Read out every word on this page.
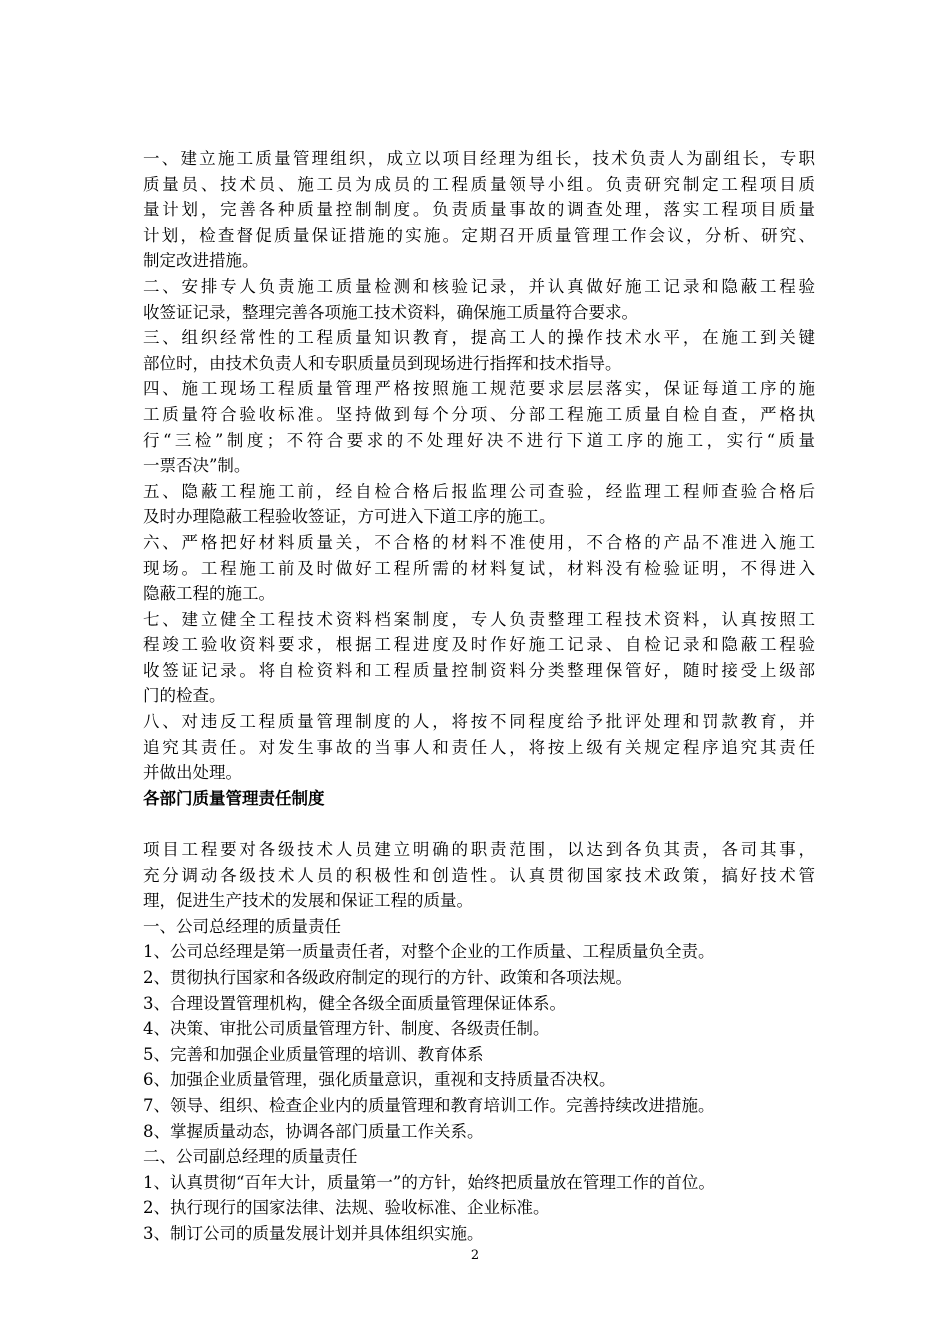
一、建立施工质量管理组织，成立以项目经理为组长，技术负责人为副组长，专职
质量员、技术员、施工员为成员的工程质量领导小组。负责研究制定工程项目质
量计划，完善各种质量控制制度。负责质量事故的调查处理，落实工程项目质量
计划，检查督促质量保证措施的实施。定期召开质量管理工作会议，分析、研究、
制定改进措施。
二、安排专人负责施工质量检测和核验记录，并认真做好施工记录和隐蔽工程验
收签证记录，整理完善各项施工技术资料，确保施工质量符合要求。
三、组织经常性的工程质量知识教育，提高工人的操作技术水平，在施工到关键
部位时，由技术负责人和专职质量员到现场进行指挥和技术指导。
四、施工现场工程质量管理严格按照施工规范要求层层落实，保证每道工序的施
工质量符合验收标准。坚持做到每个分项、分部工程施工质量自检自查，严格执
行“三检”制度；不符合要求的不处理好决不进行下道工序的施工，实行“质量
一票否决”制。
五、隐蔽工程施工前，经自检合格后报监理公司查验，经监理工程师查验合格后
及时办理隐蔽工程验收签证，方可进入下道工序的施工。
六、严格把好材料质量关，不合格的材料不准使用，不合格的产品不准进入施工
现场。工程施工前及时做好工程所需的材料复试，材料没有检验证明，不得进入
隐蔽工程的施工。
七、建立健全工程技术资料档案制度，专人负责整理工程技术资料，认真按照工
程竣工验收资料要求，根据工程进度及时作好施工记录、自检记录和隐蔽工程验
收签证记录。将自检资料和工程质量控制资料分类整理保管好，随时接受上级部
门的检查。
八、对违反工程质量管理制度的人，将按不同程度给予批评处理和罚款教育，并
追究其责任。对发生事故的当事人和责任人，将按上级有关规定程序追究其责任
并做出处理。
各部门质量管理责任制度
项目工程要对各级技术人员建立明确的职责范围，以达到各负其责，各司其事，
充分调动各级技术人员的积极性和创造性。认真贯彻国家技术政策，搞好技术管
理，促进生产技术的发展和保证工程的质量。
一、公司总经理的质量责任
1、公司总经理是第一质量责任者，对整个企业的工作质量、工程质量负全责。
2、贯彻执行国家和各级政府制定的现行的方针、政策和各项法规。
3、合理设置管理机构，健全各级全面质量管理保证体系。
4、决策、审批公司质量管理方针、制度、各级责任制。
5、完善和加强企业质量管理的培训、教育体系
6、加强企业质量管理，强化质量意识，重视和支持质量否决权。
7、领导、组织、检查企业内的质量管理和教育培训工作。完善持续改进措施。
8、掌握质量动态，协调各部门质量工作关系。
二、公司副总经理的质量责任
1、认真贯彻“百年大计，质量第一”的方针，始终把质量放在管理工作的首位。
2、执行现行的国家法律、法规、验收标准、企业标准。
3、制订公司的质量发展计划并具体组织实施。
2
